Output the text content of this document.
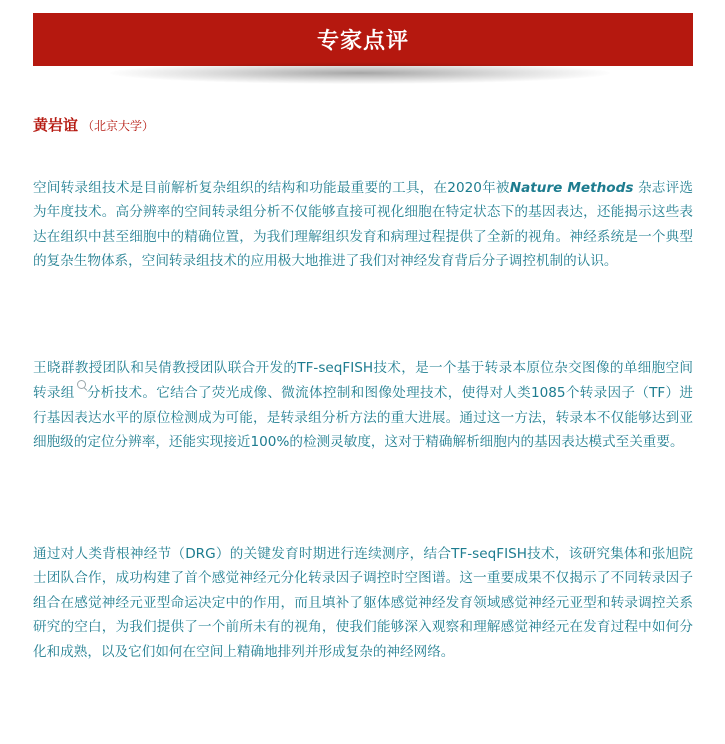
专家点评
黄岩谊 （北京大学）

空间转录组技术是目前解析复杂组织的结构和功能最重要的工具，在2020年被Nature Methods 杂志评选为年度技术。高分辨率的空间转录组分析不仅能够直接可视化细胞在特定状态下的基因表达，还能揭示这些表达在组织中甚至细胞中的精确位置，为我们理解组织发育和病理过程提供了全新的视角。神经系统是一个典型的复杂生物体系，空间转录组技术的应用极大地推进了我们对神经发育背后分子调控机制的认识。

王晓群教授团队和吴倩教授团队联合开发的TF-seqFISH技术，是一个基于转录本原位杂交图像的单细胞空间转录组 分析技术。它结合了荧光成像、微流体控制和图像处理技术，使得对人类1085个转录因子（TF）进行基因表达水平的原位检测成为可能，是转录组分析方法的重大进展。通过这一方法，转录本不仅能够达到亚细胞级的定位分辨率，还能实现接近100%的检测灵敏度，这对于精确解析细胞内的基因表达模式至关重要。

通过对人类背根神经节（DRG）的关键发育时期进行连续测序，结合TF-seqFISH技术，该研究集体和张旭院士团队合作，成功构建了首个感觉神经元分化转录因子调控时空图谱。这一重要成果不仅揭示了不同转录因子组合在感觉神经元亚型命运决定中的作用，而且填补了躯体感觉神经发育领域感觉神经元亚型和转录调控关系研究的空白，为我们提供了一个前所未有的视角，使我们能够深入观察和理解感觉神经元在发育过程中如何分化和成熟，以及它们如何在空间上精确地排列并形成复杂的神经网络。
